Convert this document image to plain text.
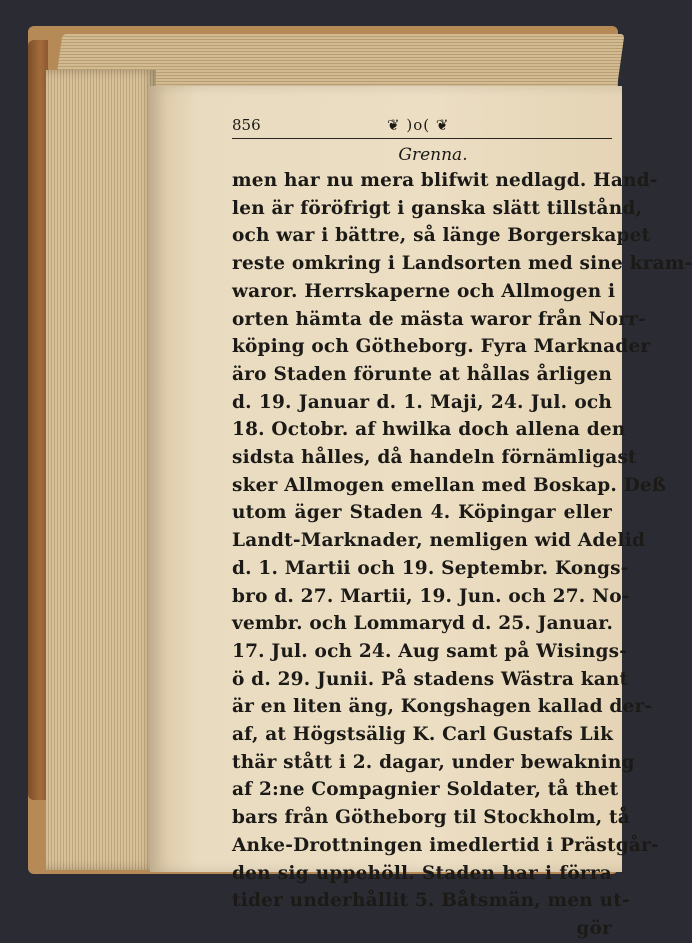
856	❦ )o( ❦
Grenna.
men har nu mera blifwit nedlagd. Hand-
len är föröfrigt i ganska slätt tillstånd,
och war i bättre, så länge Borgerskapet
reste omkring i Landsorten med sine kram-
waror. Herrskaperne och Allmogen i
orten hämta de mästa waror från Norr-
köping och Götheborg. Fyra Marknader
äro Staden förunte at hållas årligen
d. 19. Januar d. 1. Maji, 24. Jul. och
18. Octobr. af hwilka doch allena den
sidsta hålles, då handeln förnämligast
sker Allmogen emellan med Boskap. Deß
utom äger Staden 4. Köpingar eller
Landt-Marknader, nemligen wid Adelid
d. 1. Martii och 19. Septembr. Kongs-
bro d. 27. Martii, 19. Jun. och 27. No-
vembr. och Lommaryd d. 25. Januar.
17. Jul. och 24. Aug samt på Wisings-
ö d. 29. Junii. På stadens Wästra kant
är en liten äng, Kongshagen kallad der-
af, at Högstsälig K. Carl Gustafs Lik
thär stått i 2. dagar, under bewakning
af 2:ne Compagnier Soldater, tå thet
bars från Götheborg til Stockholm, tå
Anke-Drottningen imedlertid i Prästgår-
den sig uppehöll. Staden har i förra
tider underhållit 5. Båtsmän, men ut-
gör
